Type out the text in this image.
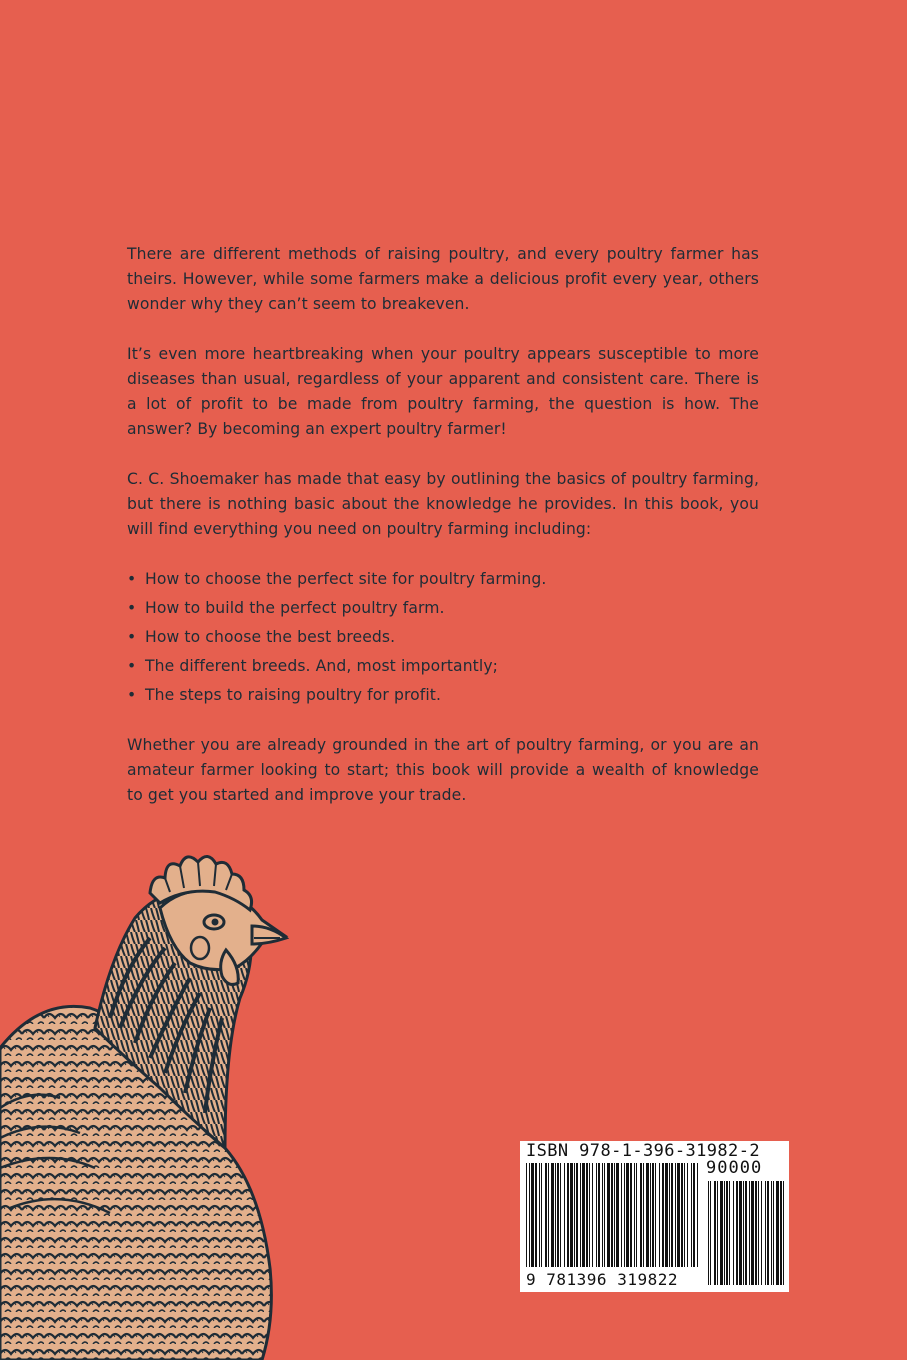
There are different methods of raising poultry, and every poultry farmer has theirs. However, while some farmers make a delicious profit every year, others wonder why they can’t seem to breakeven.

It’s even more heartbreaking when your poultry appears susceptible to more diseases than usual, regardless of your apparent and consistent care. There is a lot of profit to be made from poultry farming, the question is how. The answer? By becoming an expert poultry farmer!

C. C. Shoemaker has made that easy by outlining the basics of poultry farming, but there is nothing basic about the knowledge he provides. In this book, you will find everything you need on poultry farming including:

• How to choose the perfect site for poultry farming.
• How to build the perfect poultry farm.
• How to choose the best breeds.
• The different breeds. And, most importantly;
• The steps to raising poultry for profit.

Whether you are already grounded in the art of poultry farming, or you are an amateur farmer looking to start; this book will provide a wealth of knowledge to get you started and improve your trade.

ISBN 978-1-396-31982-2
90000
9 781396 319822
